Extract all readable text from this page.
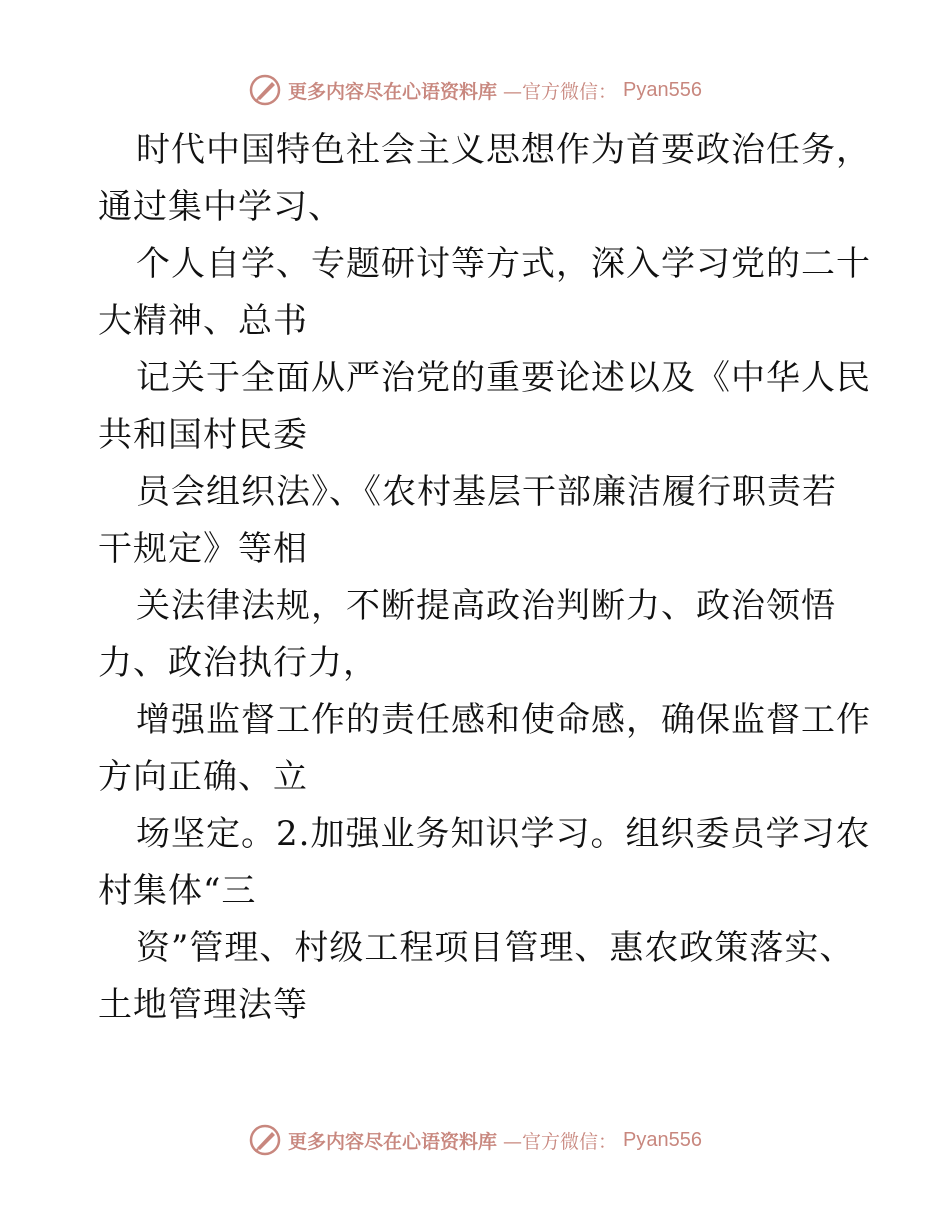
更多内容尽在心语资料库 —官方微信： Pyan556
时代中国特色社会主义思想作为首要政治任务，
通过集中学习、
个人自学、专题研讨等方式，深入学习党的二十
大精神、总书
记关于全面从严治党的重要论述以及《中华人民
共和国村民委
员会组织法》、《农村基层干部廉洁履行职责若
干规定》等相
关法律法规，不断提高政治判断力、政治领悟
力、政治执行力，
增强监督工作的责任感和使命感，确保监督工作
方向正确、立
场坚定。2.加强业务知识学习。组织委员学习农
村集体“三
资”管理、村级工程项目管理、惠农政策落实、
土地管理法等
更多内容尽在心语资料库 —官方微信： Pyan556
